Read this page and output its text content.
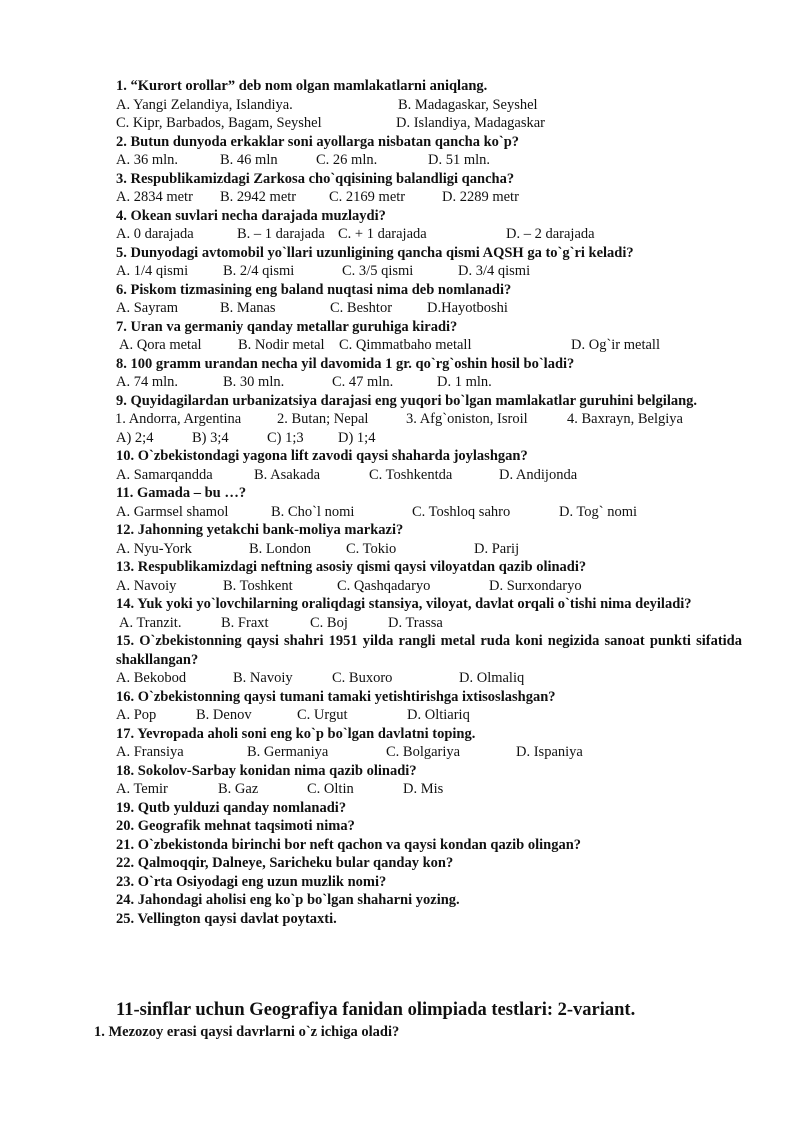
1. “Kurort orollar” deb nom olgan mamlakatlarni aniqlang.
A. Yangi Zelandiya, Islandiya.	B. Madagaskar, Seyshel
C. Kipr, Barbados, Bagam, Seyshel	D. Islandiya, Madagaskar
2. Butun dunyoda erkaklar soni ayollarga nisbatan qancha ko`p?
A. 36 mln.	B. 46 mln	C. 26 mln.	D. 51 mln.
3. Respublikamizdagi Zarkosa cho`qqisining balandligi qancha?
A. 2834 metr B. 2942 metr C. 2169 metr	D. 2289 metr
4. Okean suvlari necha darajada muzlaydi?
A. 0 darajada	B. – 1 darajada C. + 1 darajada	D. – 2 darajada
5. Dunyodagi avtomobil yo`llari uzunligining qancha qismi AQSH ga to`g`ri keladi?
A. 1/4 qismi B. 2/4 qismi	C. 3/5 qismi	D. 3/4 qismi
6. Piskom tizmasining eng baland nuqtasi nima deb nomlanadi?
A. Sayram	B. Manas	C. Beshtor D.Hayotboshi
7. Uran va germaniy qanday metallar guruhiga kiradi?
A. Qora metal	B. Nodir metal C. Qimmatbaho metall	D. Og`ir metall
8. 100 gramm urandan necha yil davomida 1 gr. qo`rg`oshin hosil bo`ladi?
A. 74 mln.	B. 30 mln.	C. 47 mln.	D. 1 mln.
9. Quyidagilardan urbanizatsiya darajasi eng yuqori bo`lgan mamlakatlar guruhini belgilang.
1. Andorra, Argentina 2. Butan; Nepal	3. Afg`oniston, Isroil	4. Baxrayn, Belgiya
A) 2;4	B) 3;4	C) 1;3 D) 1;4
10. O`zbekistondagi yagona lift zavodi qaysi shaharda joylashgan?
A. Samarqandda	B. Asakada	C. Toshkentda	D. Andijonda
11. Gamada – bu …?
A. Garmsel shamol	B. Cho`l nomi	C. Toshloq sahro	D. Tog` nomi
12. Jahonning yetakchi bank-moliya markazi?
A. Nyu-York	B. London C. Tokio	D. Parij
13. Respublikamizdagi neftning asosiy qismi qaysi viloyatdan qazib olinadi?
A. Navoiy	B. Toshkent	C. Qashqadaryo	D. Surxondaryo
14. Yuk yoki yo`lovchilarning oraliqdagi stansiya, viloyat, davlat orqali o`tishi nima deyiladi?
A. Tranzit.	B. Fraxt	C. Boj	D. Trassa
15. O`zbekistonning qaysi shahri 1951 yilda rangli metal ruda koni negizida sanoat punkti sifatida shakllangan?
A. Bekobod	B. Navoiy	C. Buxoro	D. Olmaliq
16. O`zbekistonning qaysi tumani tamaki yetishtirishga ixtisoslashgan?
A. Pop	B. Denov	C. Urgut	D. Oltiariq
17. Yevropada aholi soni eng ko`p bo`lgan davlatni toping.
A. Fransiya	B. Germaniya	C. Bolgariya	D. Ispaniya
18. Sokolov-Sarbay konidan nima qazib olinadi?
A. Temir	B. Gaz	C. Oltin	D. Mis
19. Qutb yulduzi qanday nomlanadi?
20. Geografik mehnat taqsimoti nima?
21. O`zbekistonda birinchi bor neft qachon va qaysi kondan qazib olingan?
22. Qalmoqqir, Dalneye, Saricheku bular qanday kon?
23. O`rta Osiyodagi eng uzun muzlik nomi?
24. Jahondagi aholisi eng ko`p bo`lgan shaharni yozing.
25. Vellington qaysi davlat poytaxti.
11-sinflar uchun Geografiya fanidan olimpiada testlari: 2-variant.
1. Mezozoy erasi qaysi davrlarni o`z ichiga oladi?
